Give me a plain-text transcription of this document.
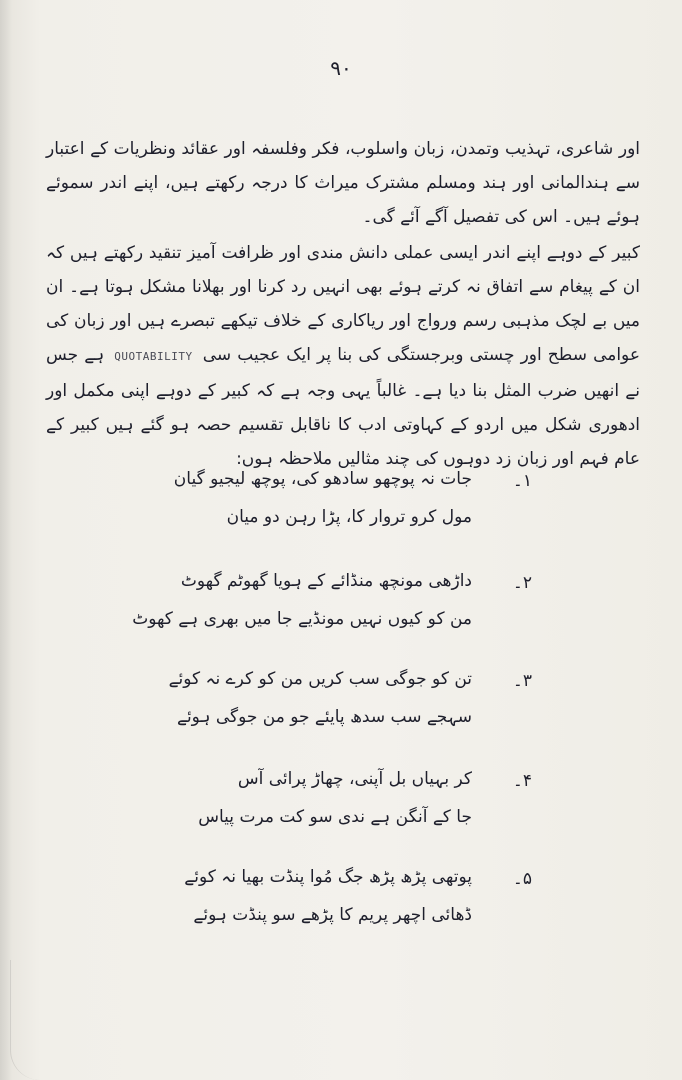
۹۰
اور شاعری، تہذیب وتمدن، زبان واسلوب، فکر وفلسفہ اور عقائد ونظریات کے اعتبار سے ہندالمانی اور ہند ومسلم مشترک میراث کا درجہ رکھتے ہیں، اپنے اندر سموئے ہوئے ہیں۔ اس کی تفصیل آگے آئے گی۔
کبیر کے دوہے اپنے اندر ایسی عملی دانش مندی اور ظرافت آمیز تنقید رکھتے ہیں کہ ان کے پیغام سے اتفاق نہ کرتے ہوئے بھی انہیں رد کرنا اور بھلانا مشکل ہوتا ہے۔ ان میں بے لچک مذہبی رسم ورواج اور ریاکاری کے خلاف تیکھے تبصرے ہیں اور زبان کی عوامی سطح اور چستی وبرجستگی کی بنا پر ایک عجیب سی QUOTABILITY ہے جس نے انھیں ضرب المثل بنا دیا ہے۔ غالباً یہی وجہ ہے کہ کبیر کے دوہے اپنی مکمل اور ادھوری شکل میں اردو کے کہاوتی ادب کا ناقابل تقسیم حصہ ہو گئے ہیں کبیر کے عام فہم اور زبان زد دوہوں کی چند مثالیں ملاحظہ ہوں:
۱۔
جات نہ پوچھو سادھو کی، پوچھ لیجیو گیان
مول کرو تروار کا، پڑا رہن دو میان
۲۔
داڑھی مونچھ منڈائے کے ہویا گھوٹم گھوٹ
من کو کیوں نہیں مونڈیے جا میں بھری ہے کھوٹ
۳۔
تن کو جوگی سب کریں من کو کرے نہ کوئے
سہجے سب سدھ پایئے جو من جوگی ہوئے
۴۔
کر بہیاں بل آپنی، چھاڑ پرائی آس
جا کے آنگن ہے ندی سو کت مرت پیاس
۵۔
پوتھی پڑھ پڑھ جگ مُوا پنڈت بھیا نہ کوئے
ڈھائی اچھر پریم کا پڑھے سو پنڈت ہوئے
